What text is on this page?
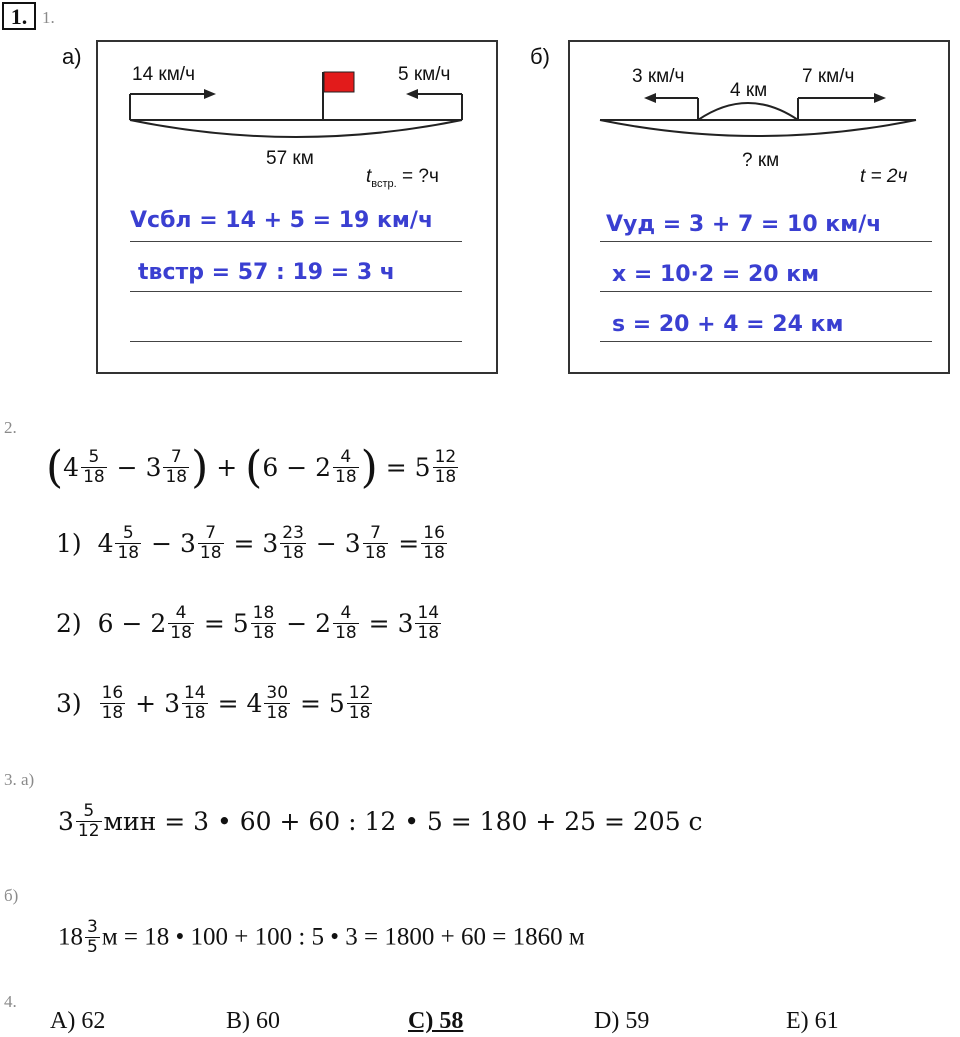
1. 1.
а)
14 км/ч	5 км/ч
57 км
$t_{встр.}$ = ?ч
Vсбл = 14 + 5 = 19 км/ч
tвстр = 57 : 19 = 3 ч
б)
3 км/ч
4 км
7 км/ч
? км
t = 2ч
Vуд = 3 + 7 = 10 км/ч
x = 10·2 = 20 км
s = 20 + 4 = 24 км
2.
($4 \frac{5}{18} - 3 \frac{7}{18}$ ) + ($6 - 2 \frac{4}{18}$ ) = $5 \frac{12}{18}$
1) $4 \frac{5}{18} - 3 \frac{7}{18} = 3 \frac{23}{18} - 3 \frac{7}{18} = \frac{16}{18}$
2) $6 - 2 \frac{4}{18} = 5 \frac{18}{18} - 2 \frac{4}{18} = 3 \frac{14}{18}$
$3) \frac{16}{18} + 3 \frac{14}{18} = 4 \frac{30}{18} = 5 \frac{12}{18}$
3. а)
$3 \frac{5}{12}$ мин = 3 • 60 + 60 : 12 • 5 = 180 + 25 = 205 с
б)
$18 \frac{3}{5}$ м = 18 • 100 + 100 : 5 • 3 = 1800 + 60 = 1860 м
4.
A) 62	B) 60	C) 58	D) 59	E) 61
